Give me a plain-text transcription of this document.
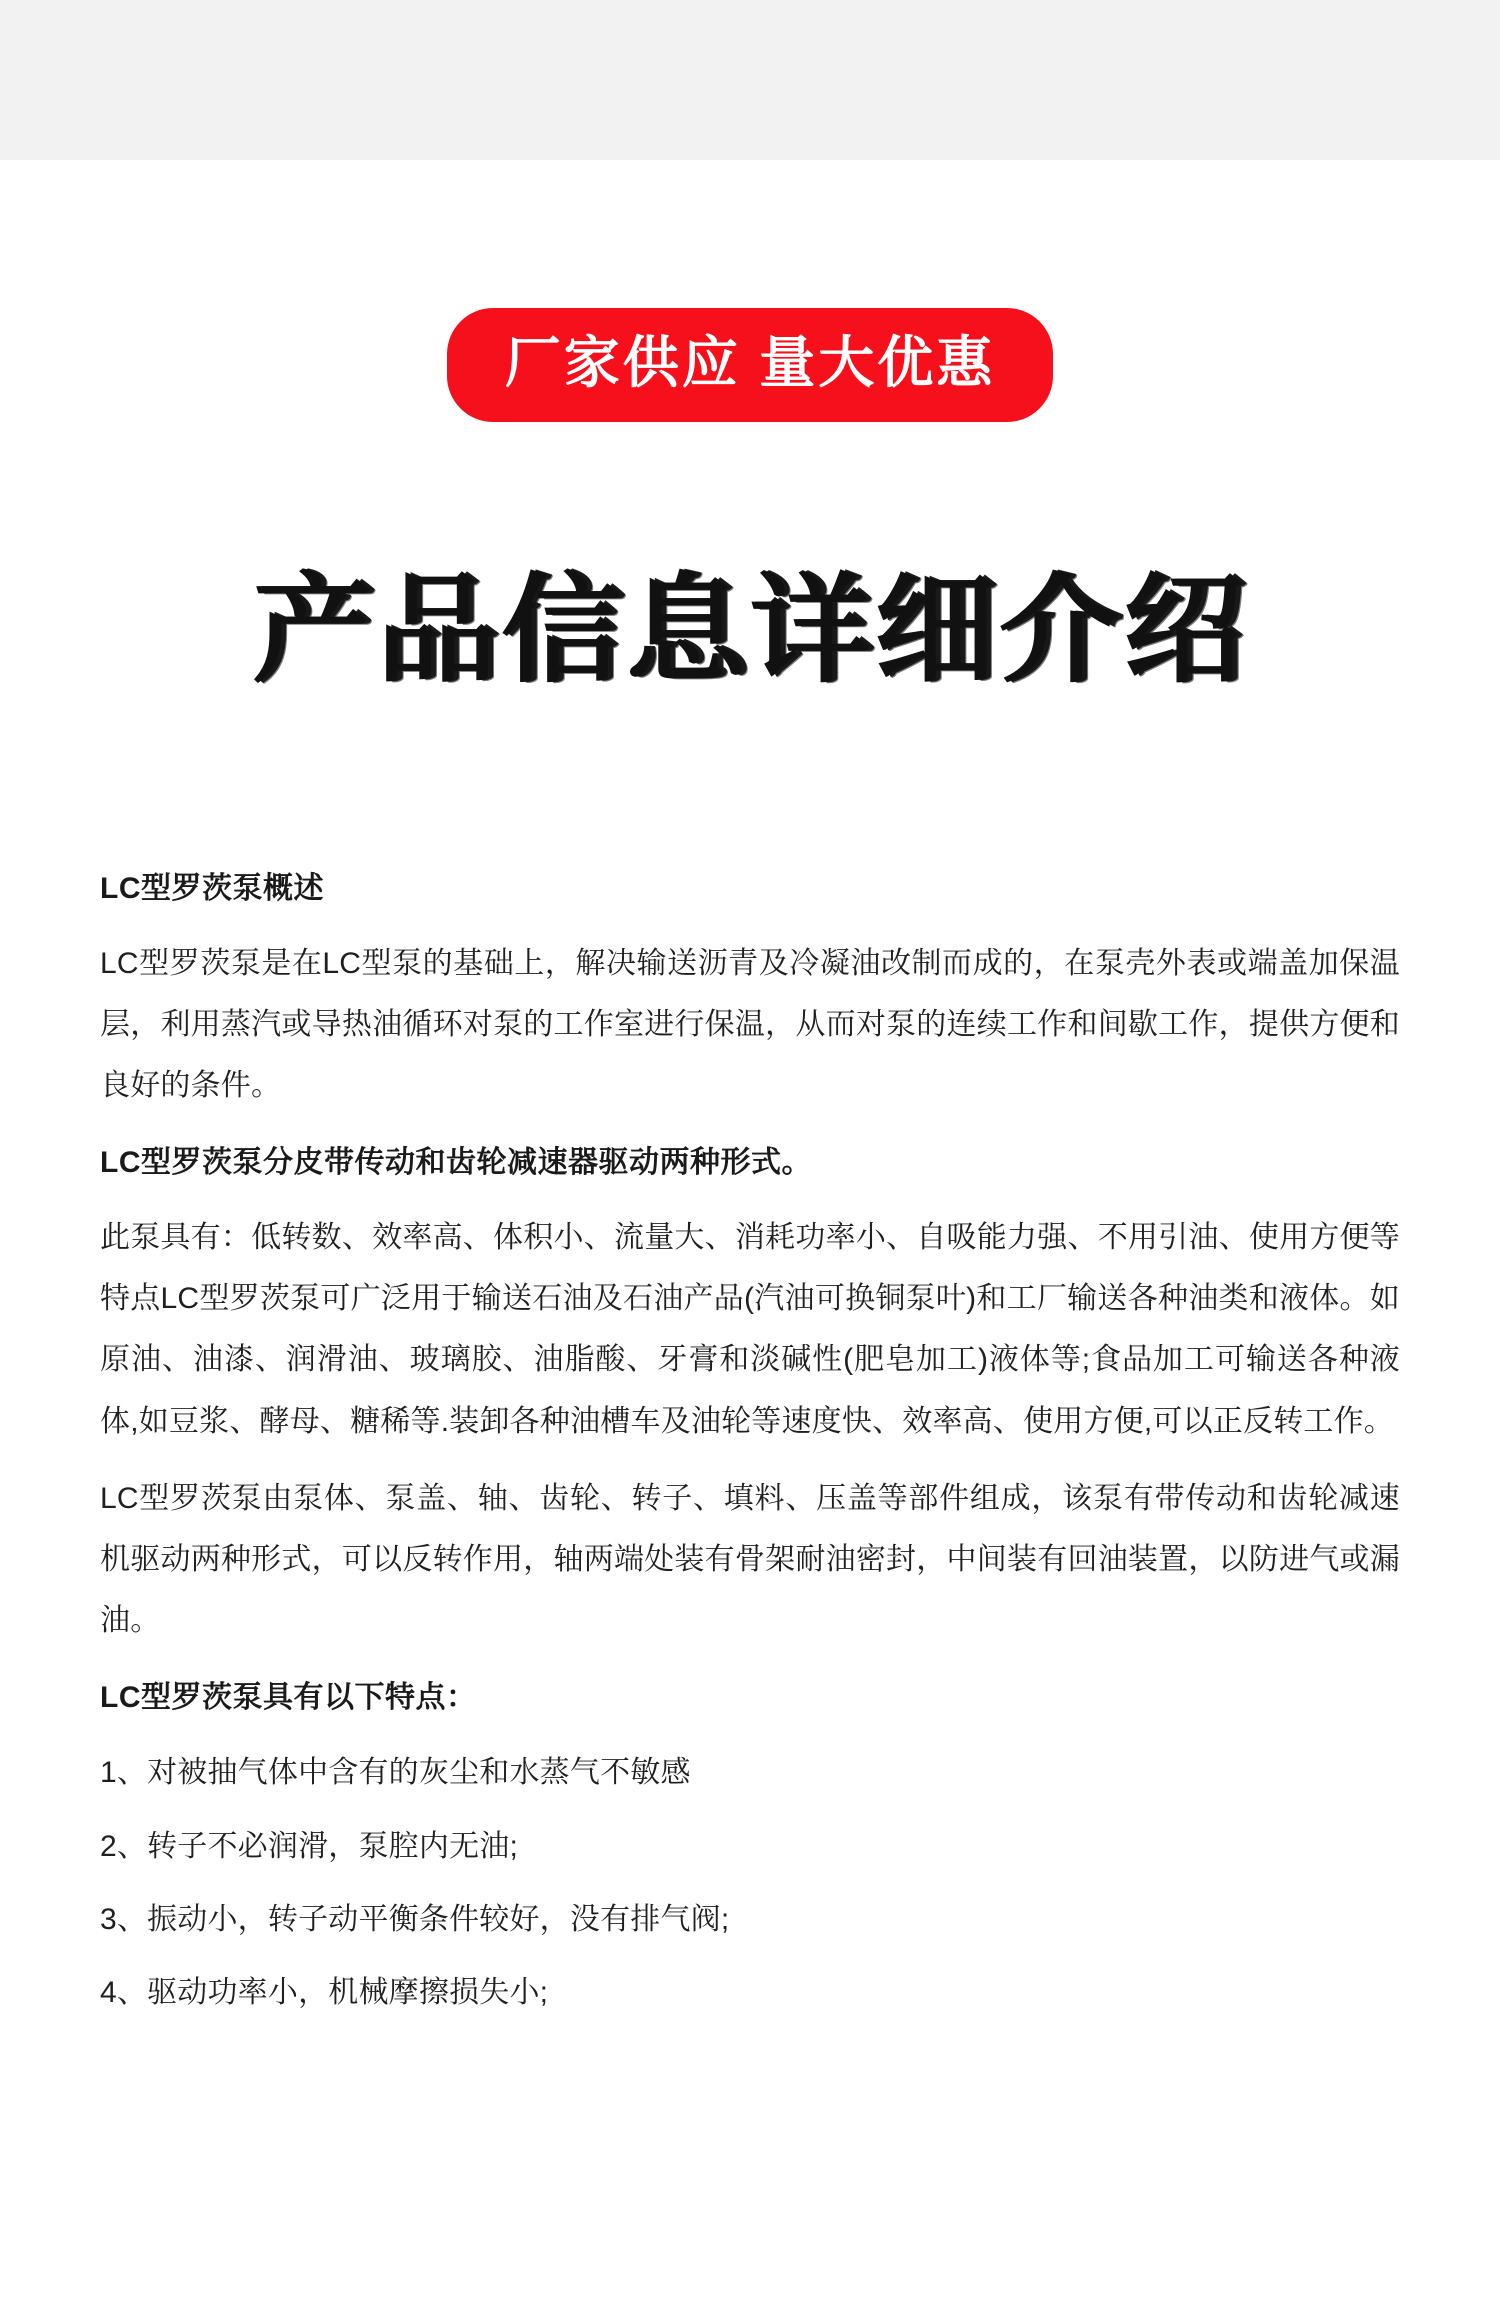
厂家供应 量大优惠
产品信息详细介绍
LC型罗茨泵概述

LC型罗茨泵是在LC型泵的基础上，解决输送沥青及冷凝油改制而成的，在泵壳外表或端盖加保温层，利用蒸汽或导热油循环对泵的工作室进行保温，从而对泵的连续工作和间歇工作，提供方便和良好的条件。

LC型罗茨泵分皮带传动和齿轮减速器驱动两种形式。

此泵具有：低转数、效率高、体积小、流量大、消耗功率小、自吸能力强、不用引油、使用方便等特点LC型罗茨泵可广泛用于输送石油及石油产品(汽油可换铜泵叶)和工厂输送各种油类和液体。如原油、油漆、润滑油、玻璃胶、油脂酸、牙膏和淡碱性(肥皂加工)液体等;食品加工可输送各种液体,如豆浆、酵母、糖稀等.装卸各种油槽车及油轮等速度快、效率高、使用方便,可以正反转工作。

LC型罗茨泵由泵体、泵盖、轴、齿轮、转子、填料、压盖等部件组成，该泵有带传动和齿轮减速机驱动两种形式，可以反转作用，轴两端处装有骨架耐油密封，中间装有回油装置，以防进气或漏油。

LC型罗茨泵具有以下特点：

1、对被抽气体中含有的灰尘和水蒸气不敏感

2、转子不必润滑，泵腔内无油;

3、振动小，转子动平衡条件较好，没有排气阀;

4、驱动功率小，机械摩擦损失小;
